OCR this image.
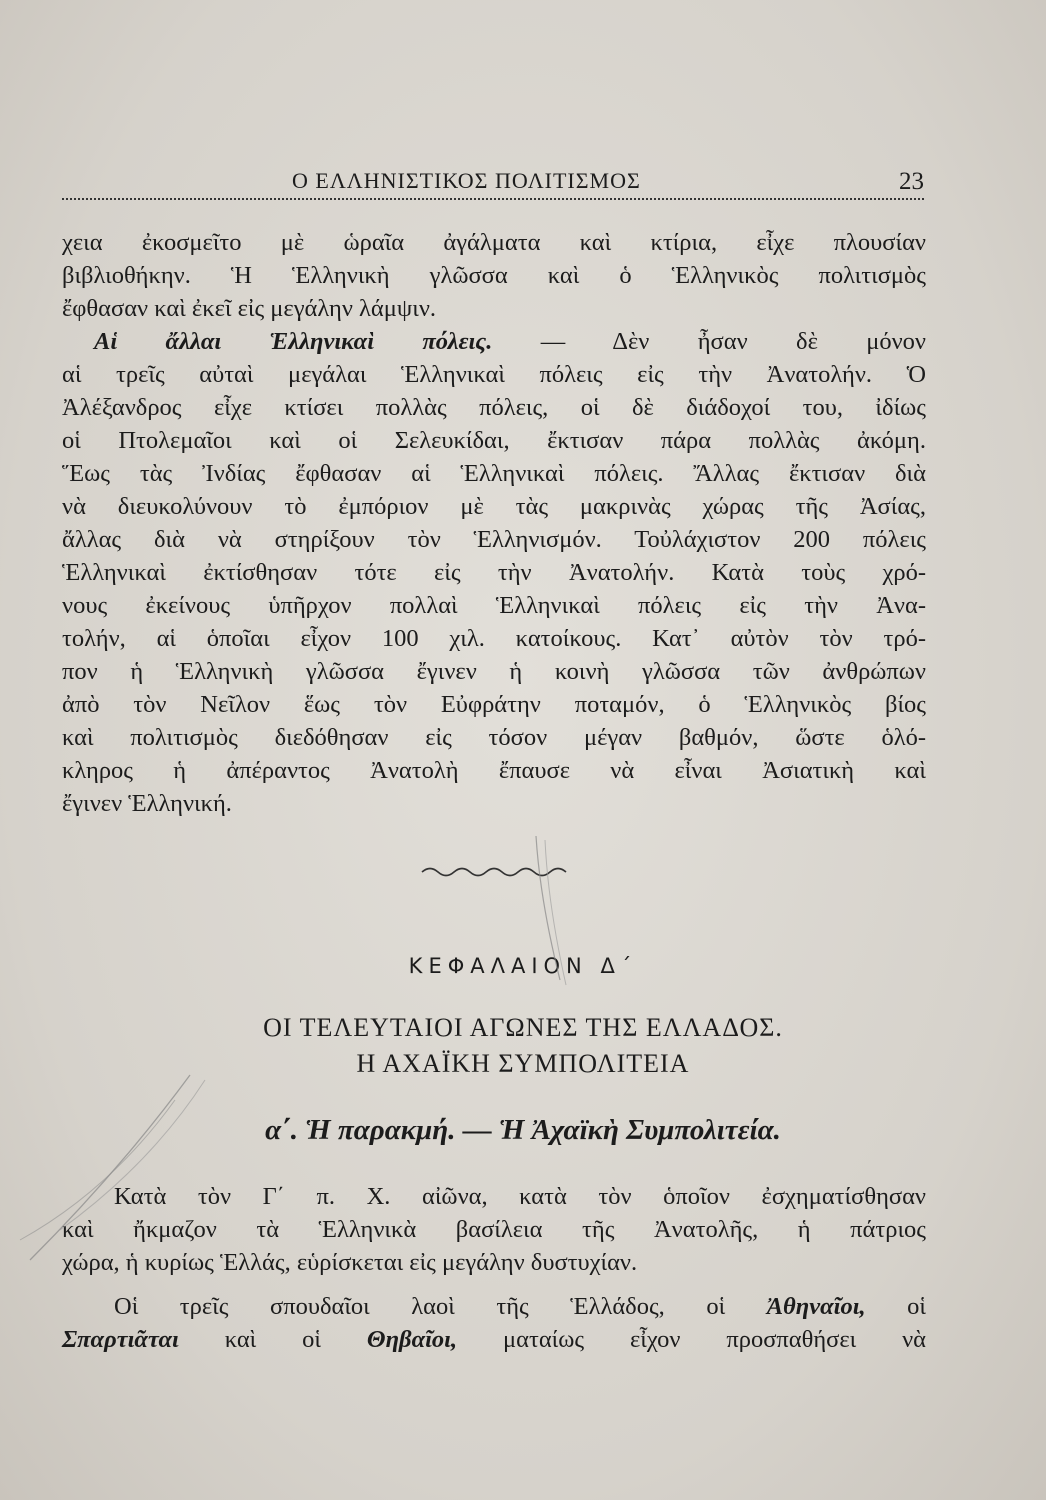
Ο ΕΛΛΗΝΙΣΤΙΚΟΣ ΠΟΛΙΤΙΣΜΟΣ	23
χεια ἐκοσμεῖτο μὲ ὡραῖα ἀγάλματα καὶ κτίρια, εἶχε πλουσίαν
βιβλιοθήκην. Ἡ Ἑλληνικὴ γλῶσσα καὶ ὁ Ἑλληνικὸς πολιτισμὸς
ἔφθασαν καὶ ἐκεῖ εἰς μεγάλην λάμψιν.
Αἱ ἄλλαι Ἑλληνικαὶ πόλεις. — Δὲν ἦσαν δὲ μόνον
αἱ τρεῖς αὐταὶ μεγάλαι Ἑλληνικαὶ πόλεις εἰς τὴν Ἀνατολήν. Ὁ
Ἀλέξανδρος εἶχε κτίσει πολλὰς πόλεις, οἱ δὲ διάδοχοί του, ἰδίως
οἱ Πτολεμαῖοι καὶ οἱ Σελευκίδαι, ἔκτισαν πάρα πολλὰς ἀκόμη.
Ἕως τὰς Ἰνδίας ἔφθασαν αἱ Ἑλληνικαὶ πόλεις. Ἄλλας ἔκτισαν διὰ
νὰ διευκολύνουν τὸ ἐμπόριον μὲ τὰς μακρινὰς χώρας τῆς Ἀσίας,
ἄλλας διὰ νὰ στηρίξουν τὸν Ἑλληνισμόν. Τοὐλάχιστον 200 πόλεις
Ἑλληνικαὶ ἐκτίσθησαν τότε εἰς τὴν Ἀνατολήν. Κατὰ τοὺς χρό-
νους ἐκείνους ὑπῆρχον πολλαὶ Ἑλληνικαὶ πόλεις εἰς τὴν Ἀνα-
τολήν, αἱ ὁποῖαι εἶχον 100 χιλ. κατοίκους. Κατ᾽ αὐτὸν τὸν τρό-
πον ἡ Ἑλληνικὴ γλῶσσα ἔγινεν ἡ κοινὴ γλῶσσα τῶν ἀνθρώπων
ἀπὸ τὸν Νεῖλον ἕως τὸν Εὐφράτην ποταμόν, ὁ Ἑλληνικὸς βίος
καὶ πολιτισμὸς διεδόθησαν εἰς τόσον μέγαν βαθμόν, ὥστε ὁλό-
κληρος ἡ ἀπέραντος Ἀνατολὴ ἔπαυσε νὰ εἶναι Ἀσιατικὴ καὶ
ἔγινεν Ἑλληνική.
ΚΕΦΑΛΑΙΟΝ Δ΄
ΟΙ ΤΕΛΕΥΤΑΙΟΙ ΑΓΩΝΕΣ ΤΗΣ ΕΛΛΑΔΟΣ.
Η ΑΧΑΪΚΗ ΣΥΜΠΟΛΙΤΕΙΑ
α΄. Ἡ παρακμή. — Ἡ Ἀχαϊκὴ Συμπολιτεία.
Κατὰ τὸν Γ΄ π. Χ. αἰῶνα, κατὰ τὸν ὁποῖον ἐσχηματίσθησαν
καὶ ἤκμαζον τὰ Ἑλληνικὰ βασίλεια τῆς Ἀνατολῆς, ἡ πάτριος
χώρα, ἡ κυρίως Ἑλλάς, εὑρίσκεται εἰς μεγάλην δυστυχίαν.
Οἱ τρεῖς σπουδαῖοι λαοὶ τῆς Ἑλλάδος, οἱ Ἀθηναῖοι, οἱ
Σπαρτιᾶται καὶ οἱ Θηβαῖοι, ματαίως εἶχον προσπαθήσει νὰ
